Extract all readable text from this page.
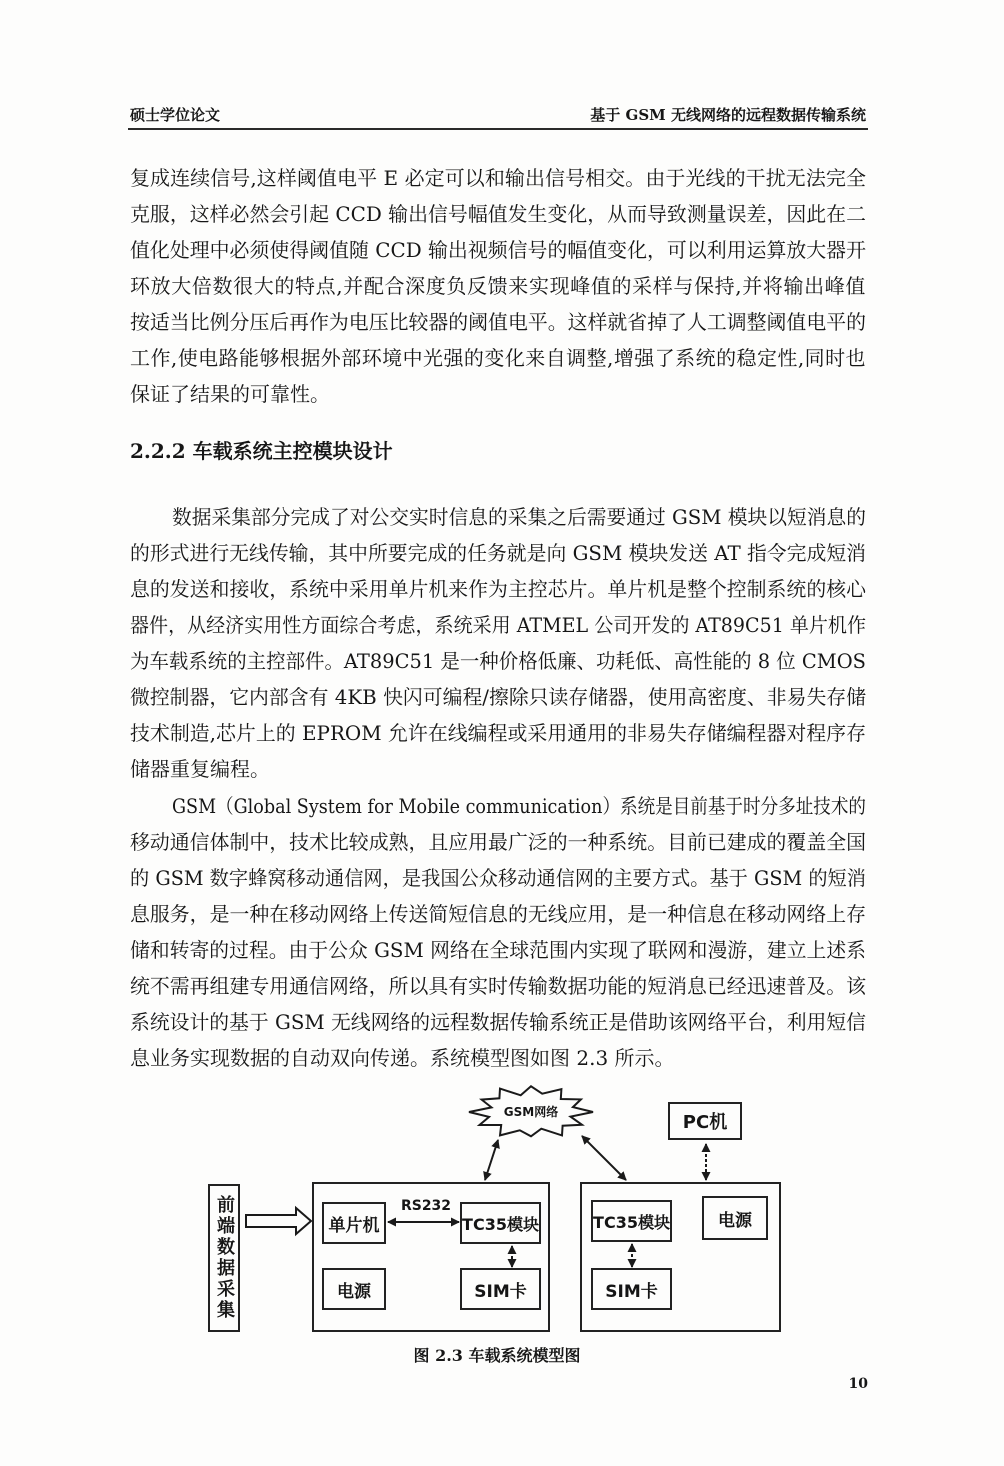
硕士学位论文	基于 GSM 无线网络的远程数据传输系统
复成连续信号,这样阈值电平 E 必定可以和输出信号相交。由于光线的干扰无法完全
克服，这样必然会引起 CCD 输出信号幅值发生变化，从而导致测量误差，因此在二
值化处理中必须使得阈值随 CCD 输出视频信号的幅值变化，可以利用运算放大器开
环放大倍数很大的特点,并配合深度负反馈来实现峰值的采样与保持,并将输出峰值
按适当比例分压后再作为电压比较器的阈值电平。这样就省掉了人工调整阈值电平的
工作,使电路能够根据外部环境中光强的变化来自调整,增强了系统的稳定性,同时也
保证了结果的可靠性。
2.2.2 车载系统主控模块设计
数据采集部分完成了对公交实时信息的采集之后需要通过 GSM 模块以短消息的
的形式进行无线传输，其中所要完成的任务就是向 GSM 模块发送 AT 指令完成短消
息的发送和接收，系统中采用单片机来作为主控芯片。单片机是整个控制系统的核心
器件，从经济实用性方面综合考虑，系统采用 ATMEL 公司开发的 AT89C51 单片机作
为车载系统的主控部件。AT89C51 是一种价格低廉、功耗低、高性能的 8 位 CMOS
微控制器，它内部含有 4KB 快闪可编程/擦除只读存储器，使用高密度、非易失存储
技术制造,芯片上的 EPROM 允许在线编程或采用通用的非易失存储编程器对程序存
储器重复编程。
GSM（Global System for Mobile communication）系统是目前基于时分多址技术的
移动通信体制中，技术比较成熟，且应用最广泛的一种系统。目前已建成的覆盖全国
的 GSM 数字蜂窝移动通信网，是我国公众移动通信网的主要方式。基于 GSM 的短消
息服务，是一种在移动网络上传送简短信息的无线应用，是一种信息在移动网络上存
储和转寄的过程。由于公众 GSM 网络在全球范围内实现了联网和漫游，建立上述系
统不需再组建专用通信网络，所以具有实时传输数据功能的短消息已经迅速普及。该
系统设计的基于 GSM 无线网络的远程数据传输系统正是借助该网络平台，利用短信
息业务实现数据的自动双向传递。系统模型图如图 2.3 所示。
GSM网络	PC机
前端数据采集	单片机
RS232
TC35模块
电源	SIM卡
TC35模块	电源
SIM卡
图 2.3 车载系统模型图
10
